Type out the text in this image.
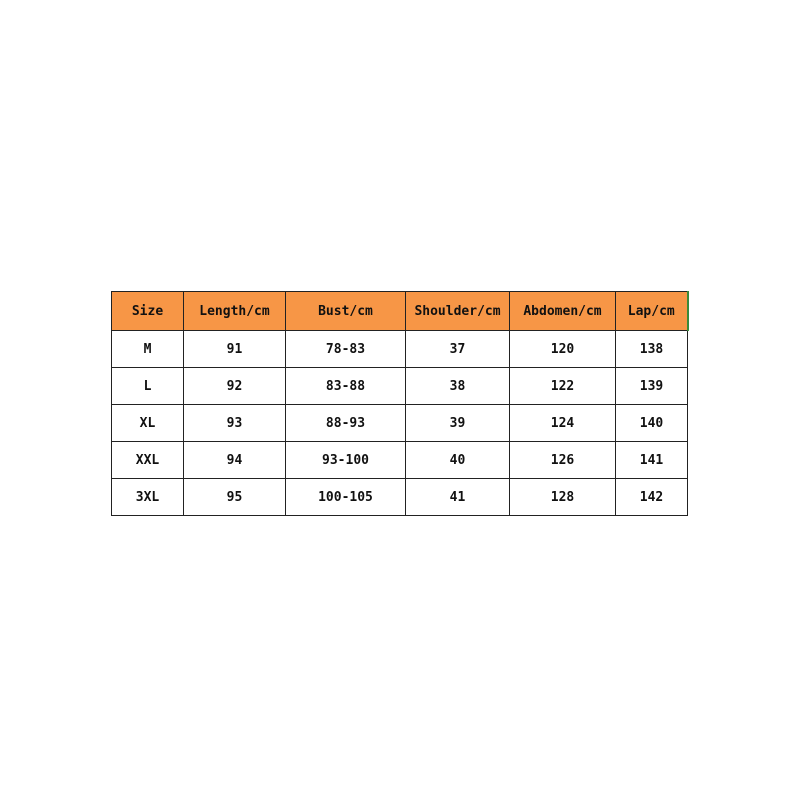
Size	Length/cm	Bust/cm	Shoulder/cm	Abdomen/cm	Lap/cm
M	91	78-83	37	120	138
L	92	83-88	38	122	139
XL	93	88-93	39	124	140
XXL	94	93-100	40	126	141
3XL	95	100-105	41	128	142
